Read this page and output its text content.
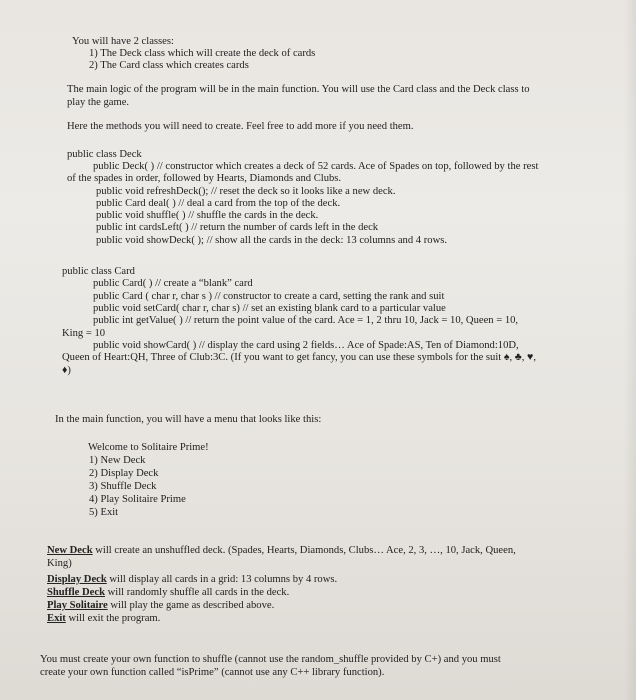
You will have 2 classes:
1) The Deck class which will create the deck of cards
2) The Card class which creates cards
The main logic of the program will be in the main function. You will use the Card class and the Deck class to
play the game.
Here the methods you will need to create. Feel free to add more if you need them.
public class Deck
public Deck( ) // constructor which creates a deck of 52 cards. Ace of Spades on top, followed by the rest
of the spades in order, followed by Hearts, Diamonds and Clubs.
public void refreshDeck(); // reset the deck so it looks like a new deck.
public Card deal( ) // deal a card from the top of the deck.
public void shuffle( ) // shuffle the cards in the deck.
public int cardsLeft( ) // return the number of cards left in the deck
public void showDeck( ); // show all the cards in the deck: 13 columns and 4 rows.
public class Card
public Card( ) // create a “blank” card
public Card ( char r, char s ) // constructor to create a card, setting the rank and suit
public void setCard( char r, char s) // set an existing blank card to a particular value
public int getValue( ) // return the point value of the card. Ace = 1, 2 thru 10, Jack = 10, Queen = 10,
King = 10
public void showCard( ) // display the card using 2 fields… Ace of Spade:AS, Ten of Diamond:10D,
Queen of Heart:QH, Three of Club:3C. (If you want to get fancy, you can use these symbols for the suit ♠, ♣, ♥,
♦)
In the main function, you will have a menu that looks like this:
Welcome to Solitaire Prime!
1) New Deck
2) Display Deck
3) Shuffle Deck
4) Play Solitaire Prime
5) Exit
New Deck will create an unshuffled deck. (Spades, Hearts, Diamonds, Clubs… Ace, 2, 3, …, 10, Jack, Queen,
King)
Display Deck will display all cards in a grid: 13 columns by 4 rows.
Shuffle Deck will randomly shuffle all cards in the deck.
Play Solitaire will play the game as described above.
Exit will exit the program.
You must create your own function to shuffle (cannot use the random_shuffle provided by C+) and you must
create your own function called “isPrime” (cannot use any C++ library function).
